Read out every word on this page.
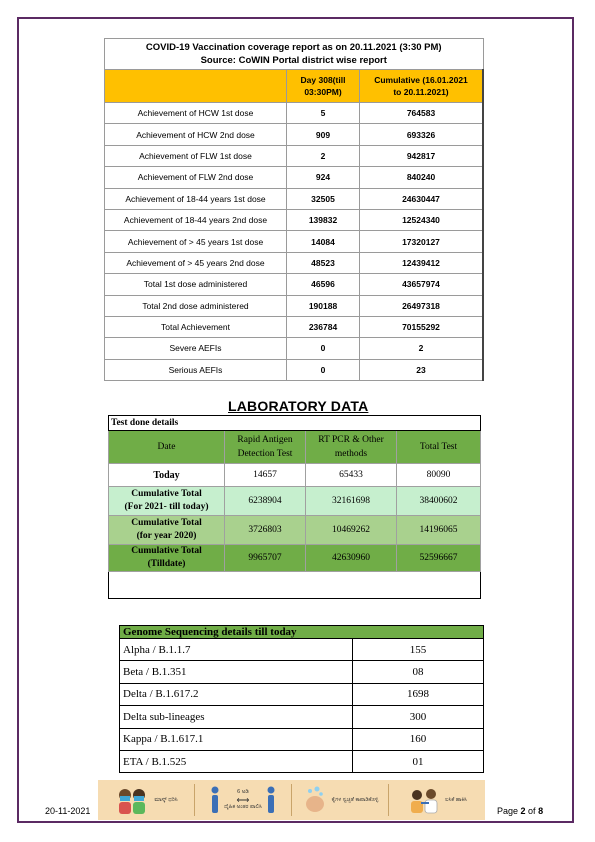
COVID-19 Vaccination coverage report as on 20.11.2021 (3:30 PM)
Source: CoWIN Portal district wise report		
	Day 308(till
03:30PM)	Cumulative (16.01.2021
to 20.11.2021)
Achievement of HCW 1st dose	5	764583
Achievement of HCW 2nd dose	909	693326
Achievement of FLW 1st dose	2	942817
Achievement of FLW 2nd dose	924	840240
Achievement of 18-44 years 1st dose	32505	24630447
Achievement of 18-44 years 2nd dose	139832	12524340
Achievement of > 45 years 1st dose	14084	17320127
Achievement of > 45 years 2nd dose	48523	12439412
Total 1st dose administered	46596	43657974
Total 2nd dose administered	190188	26497318
Total Achievement	236784	70155292
Severe AEFIs	0	2
Serious AEFIs	0	23
LABORATORY DATA
Test done details			
Date	Rapid Antigen
Detection Test	RT PCR & Other
methods	Total Test
Today	14657	65433	80090
Cumulative Total
(For 2021- till today)	6238904	32161698	38400602
Cumulative Total
(for year 2020)	3726803	10469262	14196065
Cumulative Total
(Tilldate)	9965707	42630960	52596667

Genome Sequencing details till today	
Alpha / B.1.1.7	155
Beta / B.1.351	08
Delta / B.1.617.2	1698
Delta sub-lineages	300
Kappa / B.1.617.1	160
ETA / B.1.525	01
ಮಾಸ್ಕ್ ಧರಿಸಿ
6 ಅಡಿ
⟷
ದೈಹಿಕ ಅಂತರ ಪಾಲಿಸಿ
ಕೈಗಳ ಸ್ವಚ್ಛತೆ ಕಾಪಾಡಿಕೊಳ್ಳಿ	ಲಸಿಕೆ ಹಾಕಿಸಿ
20-11-2021	Page 2 of 8
